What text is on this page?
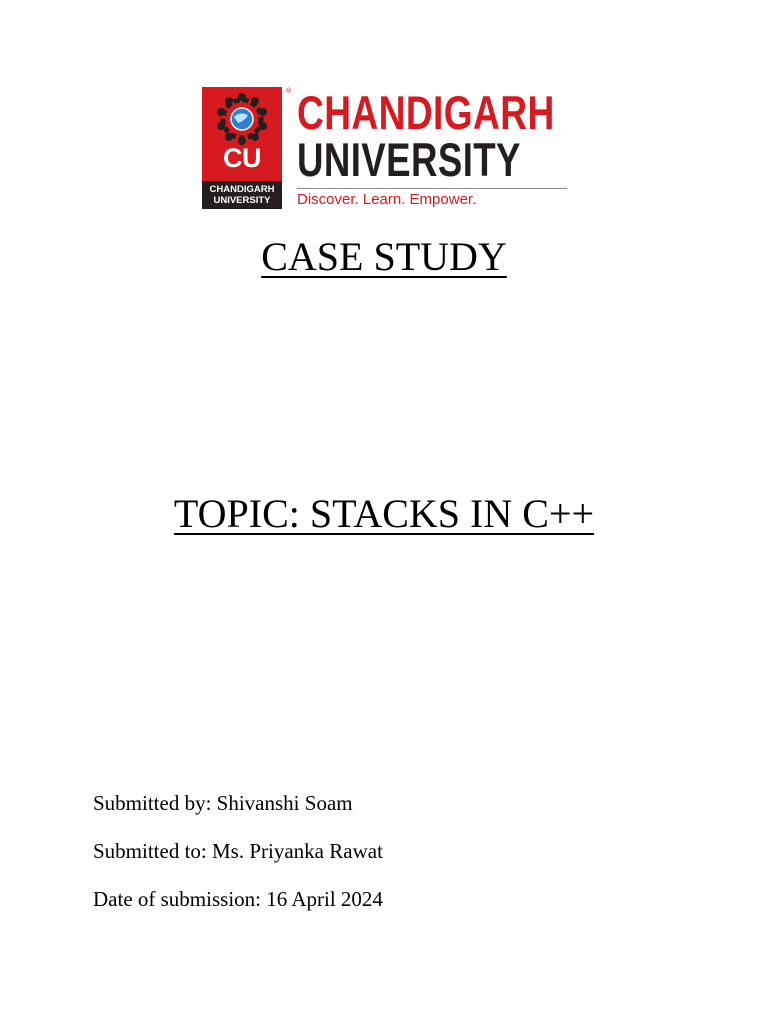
CU
CHANDIGARH
UNIVERSITY
® CHANDIGARH
UNIVERSITY
Discover. Learn. Empower.
CASE STUDY
TOPIC: STACKS IN C++
Submitted by: Shivanshi Soam
Submitted to: Ms. Priyanka Rawat
Date of submission: 16 April 2024
